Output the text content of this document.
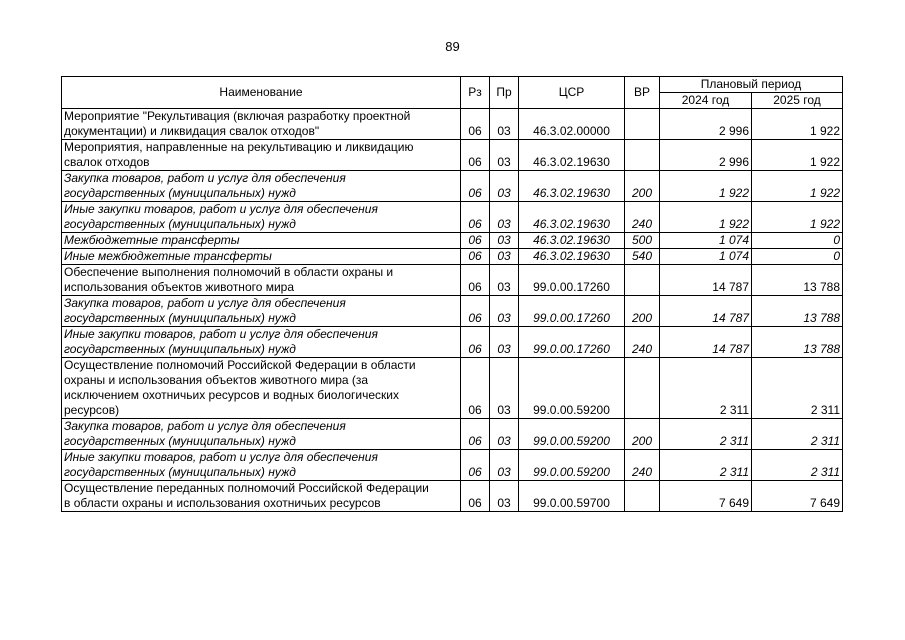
89
Наименование	Рз	Пр	ЦСР	ВР	Плановый период	
					2024 год	2025 год
Мероприятие "Рекультивация (включая разработку проектной
документации) и ликвидация свалок отходов"	06	03	46.3.02.00000		2 996	1 922
Мероприятия, направленные на рекультивацию и ликвидацию
свалок отходов	06	03	46.3.02.19630		2 996	1 922
Закупка товаров, работ и услуг для обеспечения
государственных (муниципальных) нужд	06	03	46.3.02.19630	200	1 922	1 922
Иные закупки товаров, работ и услуг для обеспечения
государственных (муниципальных) нужд	06	03	46.3.02.19630	240	1 922	1 922
Межбюджетные трансферты	06	03	46.3.02.19630	500	1 074	0
Иные межбюджетные трансферты	06	03	46.3.02.19630	540	1 074	0
Обеспечение выполнения полномочий в области охраны и
использования объектов животного мира	06	03	99.0.00.17260		14 787	13 788
Закупка товаров, работ и услуг для обеспечения
государственных (муниципальных) нужд	06	03	99.0.00.17260	200	14 787	13 788
Иные закупки товаров, работ и услуг для обеспечения
государственных (муниципальных) нужд	06	03	99.0.00.17260	240	14 787	13 788
Осуществление полномочий Российской Федерации в области
охраны и использования объектов животного мира (за
исключением охотничьих ресурсов и водных биологических
ресурсов)	06	03	99.0.00.59200		2 311	2 311
Закупка товаров, работ и услуг для обеспечения
государственных (муниципальных) нужд	06	03	99.0.00.59200	200	2 311	2 311
Иные закупки товаров, работ и услуг для обеспечения
государственных (муниципальных) нужд	06	03	99.0.00.59200	240	2 311	2 311
Осуществление переданных полномочий Российской Федерации
в области охраны и использования охотничьих ресурсов	06	03	99.0.00.59700		7 649	7 649
